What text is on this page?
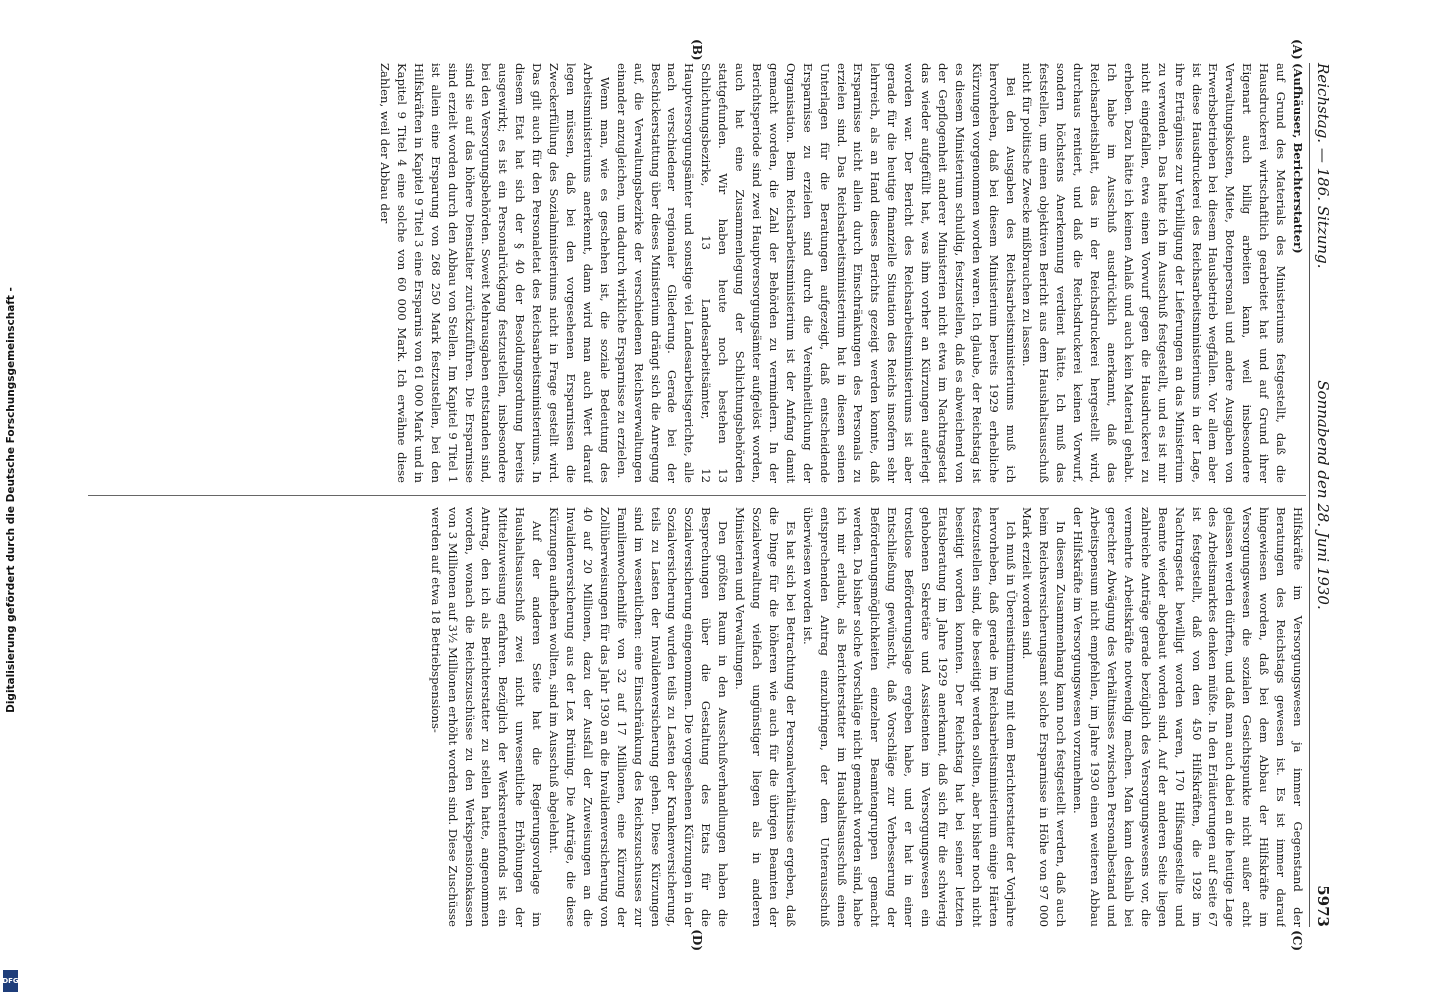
Digitalisierung gefördert durch die Deutsche Forschungsgemeinschaft -
DFG
Reichstag. — 186. Sitzung.
Sonnabend den 28. Juni 1930.
5973
(A)
(B)
(C)
(D)

(Aufhäuser, Berichterstatter)

auf Grund des Materials des Ministeriums festgestellt, daß die Hausdruckerei wirtschaftlich gearbeitet hat und auf Grund ihrer Eigenart auch billig arbeiten kann, weil insbesondere Verwaltungskosten, Miete, Botenpersonal und andere Ausgaben von Erwerbsbetrieben bei diesem Hausbetrieb wegfallen. Vor allem aber ist diese Hausdruckerei des Reichsarbeitsministeriums in der Lage, ihre Erträgnisse zur Verbilligung der Lieferungen an das Ministerium zu verwenden. Das hatte ich im Ausschuß festgestellt, und es ist mir nicht eingefallen, etwa einen Vorwurf gegen die Hausdruckerei zu erheben. Dazu hätte ich keinen Anlaß und auch kein Material gehabt. Ich habe im Ausschuß ausdrücklich anerkannt, daß das Reichsarbeitsblatt, das in der Reichsdruckerei hergestellt wird, durchaus rentiert, und daß die Reichsdruckerei keinen Vorwurf, sondern höchstens Anerkennung verdient hätte. Ich muß das feststellen, um einen objektiven Bericht aus dem Haushaltsausschuß nicht für politische Zwecke mißbrauchen zu lassen.

Bei den Ausgaben des Reichsarbeitsministeriums muß ich hervorheben, daß bei diesem Ministerium bereits 1929 erhebliche Kürzungen vorgenommen worden waren. Ich glaube, der Reichstag ist es diesem Ministerium schuldig, festzustellen, daß es abweichend von der Gepflogenheit anderer Ministerien nicht etwa im Nachtragsetat das wieder aufgefüllt hat, was ihm vorher an Kürzungen auferlegt worden war. Der Bericht des Reichsarbeitsministeriums ist aber gerade für die heutige finanzielle Situation des Reichs insofern sehr lehrreich, als an Hand dieses Berichts gezeigt werden konnte, daß Ersparnisse nicht allein durch Einschränkungen des Personals zu erzielen sind. Das Reichsarbeitsministerium hat in diesem seinen Unterlagen für die Beratungen aufgezeigt, daß entscheidende Ersparnisse zu erzielen sind durch die Vereinheitlichung der Organisation. Beim Reichsarbeitsministerium ist der Anfang damit gemacht worden, die Zahl der Behörden zu vermindern. In der Berichtsperiode sind zwei Hauptversorgungsämter aufgelöst worden, auch hat eine Zusammenlegung der Schlichtungsbehörden stattgefunden. Wir haben heute noch bestehen 13 Schlichtungsbezirke, 13 Landesarbeitsämter, 12 Hauptversorgungsämter und sonstige viel Landesarbeitsgerichte, alle nach verschiedener regionaler Gliederung. Gerade bei der Beschickerstattung über dieses Ministerium drängt sich die Anregung auf, die Verwaltungsbezirke der verschiedenen Reichsverwaltungen einander anzugleichen, um dadurch wirkliche Ersparnisse zu erzielen.

Wenn man, wie es geschehen ist, die soziale Bedeutung des Arbeitsministeriums anerkennt, dann wird man auch Wert darauf legen müssen, daß bei den vorgesehenen Ersparnissen die Zweckerfüllung des Sozialministeriums nicht in Frage gestellt wird. Das gilt auch für den Personaletat des Reichsarbeitsministeriums. In diesem Etat hat sich der § 40 der Besoldungsordnung bereits ausgewirkt; es ist ein Personalrückgang festzustellen, insbesondere bei den Versorgungsbehörden. Soweit Mehrausgaben entstanden sind, sind sie auf das höhere Dienstalter zurückzuführen. Die Ersparnisse sind erzielt worden durch den Abbau von Stellen. Im Kapitel 9 Titel 1 ist allein eine Ersparung von 268 250 Mark festzustellen, bei den Hilfskräften in Kapitel 9 Titel 3 eine Ersparnis von 61 000 Mark und in Kapitel 9 Titel 4 eine solche von 60 000 Mark. Ich erwähne diese Zahlen, weil der Abbau der

Hilfskräfte im Versorgungswesen ja immer Gegenstand der Beratungen des Reichstags gewesen ist. Es ist immer darauf hingewiesen worden, daß bei dem Abbau der Hilfskräfte im Versorgungswesen die sozialen Gesichtspunkte nicht außer acht gelassen werden dürften, und daß man auch dabei an die heutige Lage des Arbeitsmarktes denken müßte. In den Erläuterungen auf Seite 67 ist festgestellt, daß von den 450 Hilfskräften, die 1928 im Nachtragsetat bewilligt worden waren, 170 Hilfsangestellte und Beamte wieder abgebaut worden sind. Auf der anderen Seite liegen zahlreiche Anträge gerade bezüglich des Versorgungswesens vor, die vermehrte Arbeitskräfte notwendig machen. Man kann deshalb bei gerechter Abwägung des Verhältnisses zwischen Personalbestand und Arbeitspensum nicht empfehlen, im Jahre 1930 einen weiteren Abbau der Hilfskräfte im Versorgungswesen vorzunehmen.

In diesem Zusammenhang kann noch festgestellt werden, daß auch beim Reichsversicherungsamt solche Ersparnisse in Höhe von 97 000 Mark erzielt worden sind.

Ich muß in Übereinstimmung mit dem Berichterstatter der Vorjahre hervorheben, daß gerade im Reichsarbeitsministerium einige Härten festzustellen sind, die beseitigt werden sollten, aber bisher noch nicht beseitigt worden konnten. Der Reichstag hat bei seiner letzten Etatsberatung im Jahre 1929 anerkannt, daß sich für die schwierig gehobenen Sekretäre und Assistenten im Versorgungswesen ein trostlose Beförderungslage ergeben habe, und er hat in einer Entschließung gewünscht, daß Vorschläge zur Verbesserung der Beförderungsmöglichkeiten einzelner Beamtengruppen gemacht werden. Da bisher solche Vorschläge nicht gemacht worden sind, habe ich mir erlaubt, als Berichterstatter im Haushaltsausschuß einen entsprechenden Antrag einzubringen, der dem Unterausschuß überwiesen worden ist.

Es hat sich bei Betrachtung der Personalverhältnisse ergeben, daß die Dinge für die höheren wie auch für die übrigen Beamten der Sozialverwaltung vielfach ungünstiger liegen als in anderen Ministerien und Verwaltungen.

Den größten Raum in den Ausschußverhandlungen haben die Besprechungen über die Gestaltung des Etats für die Sozialversicherung eingenommen. Die vorgesehenen Kürzungen in der Sozialversicherung wurden teils zu Lasten der Krankenversicherung, teils zu Lasten der Invalidenversicherung gehen. Diese Kürzungen sind im wesentlichen: eine Einschränkung des Reichszuschusses zur Familienwochenhilfe von 32 auf 17 Millionen, eine Kürzung der Zollüberweisungen für das Jahr 1930 an die Invalidenversicherung von 40 auf 20 Millionen, dazu der Ausfall der Zuweisungen an die Invalidenversicherung aus der Lex Brüning. Die Anträge, die diese Kürzungen aufheben wollten, sind im Ausschuß abgelehnt.

Auf der anderen Seite hat die Regierungsvorlage im Haushaltsausschuß zwei nicht unwesentliche Erhöhungen der Mittelzuweisung erfahren. Bezüglich der Werksrentenfonds ist ein Antrag, den ich als Berichterstatter zu stellen hatte, angenommen worden, wonach die Reichszuschüsse zu den Werkspensionskassen von 3 Millionen auf 3½ Millionen erhöht worden sind. Diese Zuschüsse werden auf etwa 18 Betriebspensions-
